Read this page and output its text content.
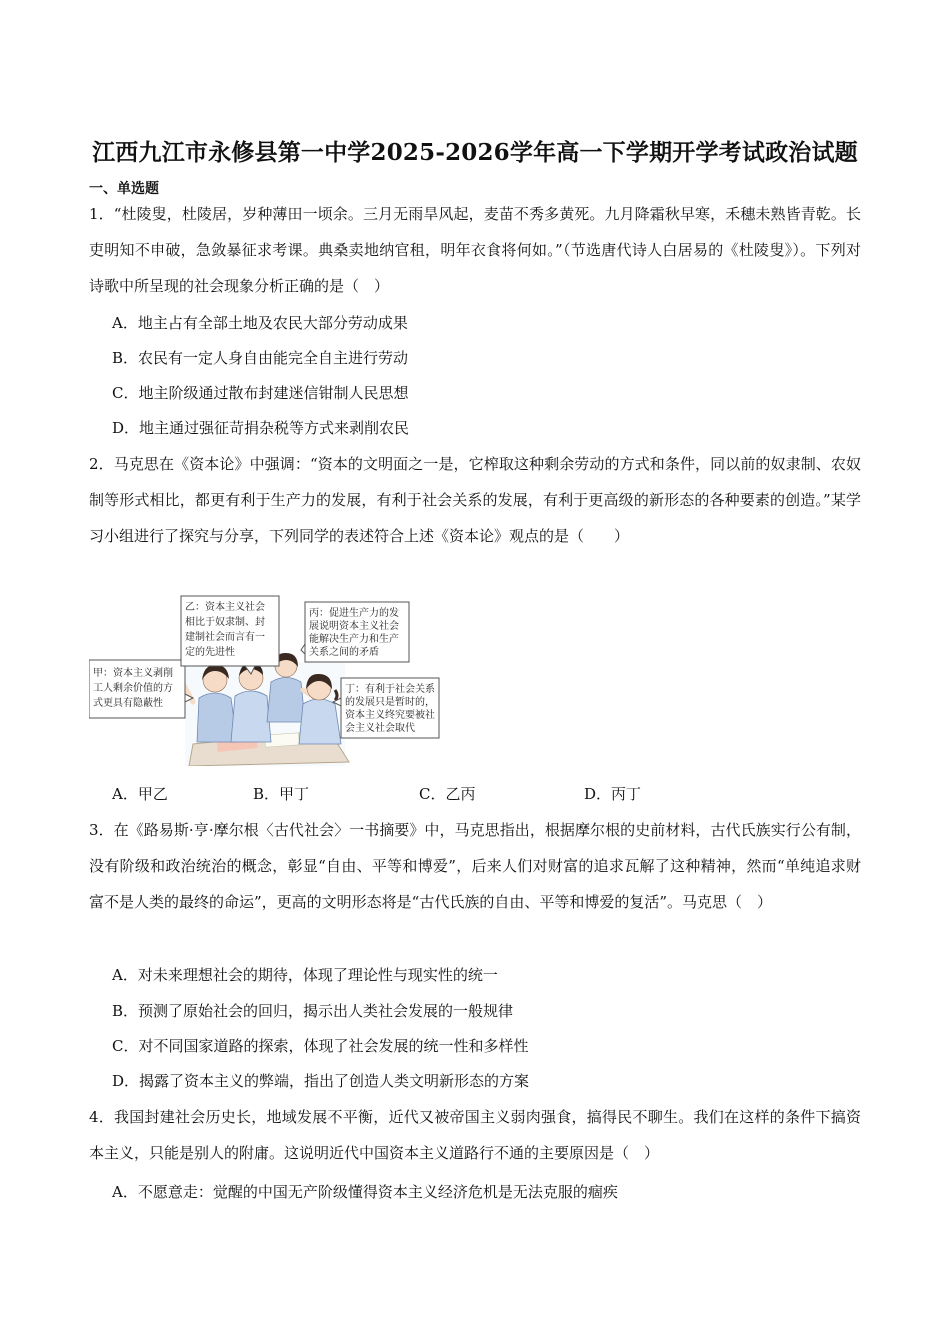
江西九江市永修县第一中学2025-2026学年高一下学期开学考试政治试题
一、单选题
1．“杜陵叟，杜陵居，岁种薄田一顷余。三月无雨旱风起，麦苗不秀多黄死。九月降霜秋早寒，禾穗未熟皆青乾。长吏明知不申破，急敛暴征求考课。典桑卖地纳官租，明年衣食将何如。”（节选唐代诗人白居易的《杜陵叟》）。下列对诗歌中所呈现的社会现象分析正确的是（　）
A．地主占有全部土地及农民大部分劳动成果
B．农民有一定人身自由能完全自主进行劳动
C．地主阶级通过散布封建迷信钳制人民思想
D．地主通过强征苛捐杂税等方式来剥削农民
2．马克思在《资本论》中强调：“资本的文明面之一是，它榨取这种剩余劳动的方式和条件，同以前的奴隶制、农奴制等形式相比，都更有利于生产力的发展，有利于社会关系的发展，有利于更高级的新形态的各种要素的创造。”某学习小组进行了探究与分享，下列同学的表述符合上述《资本论》观点的是（　　）
甲：资本主义剥削
工人剩余价值的方
式更具有隐蔽性
乙：资本主义社会
相比于奴隶制、封
建制社会而言有一
定的先进性
丙：促进生产力的发
展说明资本主义社会
能解决生产力和生产
关系之间的矛盾
丁：有利于社会关系
的发展只是暂时的，
资本主义终究要被社
会主义社会取代
A．甲乙	B．甲丁	C．乙丙	D．丙丁
3．在《路易斯·亨·摩尔根〈古代社会〉一书摘要》中，马克思指出，根据摩尔根的史前材料，古代氏族实行公有制，没有阶级和政治统治的概念，彰显“自由、平等和博爱”，后来人们对财富的追求瓦解了这种精神，然而“单纯追求财富不是人类的最终的命运”，更高的文明形态将是“古代氏族的自由、平等和博爱的复活”。马克思（　）
A．对未来理想社会的期待，体现了理论性与现实性的统一
B．预测了原始社会的回归，揭示出人类社会发展的一般规律
C．对不同国家道路的探索，体现了社会发展的统一性和多样性
D．揭露了资本主义的弊端，指出了创造人类文明新形态的方案
4．我国封建社会历史长，地域发展不平衡，近代又被帝国主义弱肉强食，搞得民不聊生。我们在这样的条件下搞资本主义，只能是别人的附庸。这说明近代中国资本主义道路行不通的主要原因是（　）
A．不愿意走：觉醒的中国无产阶级懂得资本主义经济危机是无法克服的痼疾
